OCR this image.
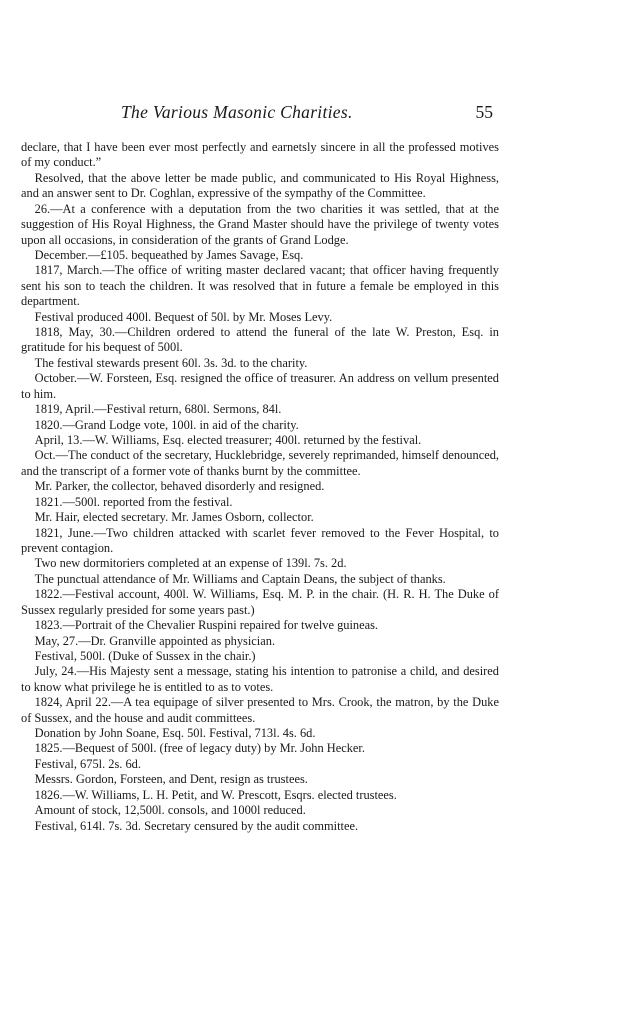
The Various Masonic Charities.	55

declare, that I have been ever most perfectly and earnetsly sincere in all the professed motives of my conduct.”

Resolved, that the above letter be made public, and communicated to His Royal Highness, and an answer sent to Dr. Coghlan, expressive of the sympathy of the Committee.

26.—At a conference with a deputation from the two charities it was settled, that at the suggestion of His Royal Highness, the Grand Master should have the privilege of twenty votes upon all occasions, in consideration of the grants of Grand Lodge.

December.—£105. bequeathed by James Savage, Esq.

1817, March.—The office of writing master declared vacant; that officer having frequently sent his son to teach the children. It was resolved that in future a female be employed in this department.

Festival produced 400l. Bequest of 50l. by Mr. Moses Levy.

1818, May, 30.—Children ordered to attend the funeral of the late W. Preston, Esq. in gratitude for his bequest of 500l.

The festival stewards present 60l. 3s. 3d. to the charity.

October.—W. Forsteen, Esq. resigned the office of treasurer. An address on vellum presented to him.

1819, April.—Festival return, 680l. Sermons, 84l.

1820.—Grand Lodge vote, 100l. in aid of the charity.

April, 13.—W. Williams, Esq. elected treasurer; 400l. returned by the festival.

Oct.—The conduct of the secretary, Hucklebridge, severely reprimanded, himself denounced, and the transcript of a former vote of thanks burnt by the committee.

Mr. Parker, the collector, behaved disorderly and resigned.

1821.—500l. reported from the festival.

Mr. Hair, elected secretary. Mr. James Osborn, collector.

1821, June.—Two children attacked with scarlet fever removed to the Fever Hospital, to prevent contagion.

Two new dormitoriers completed at an expense of 139l. 7s. 2d.

The punctual attendance of Mr. Williams and Captain Deans, the subject of thanks.

1822.—Festival account, 400l. W. Williams, Esq. M. P. in the chair. (H. R. H. The Duke of Sussex regularly presided for some years past.)

1823.—Portrait of the Chevalier Ruspini repaired for twelve guineas.

May, 27.—Dr. Granville appointed as physician.

Festival, 500l. (Duke of Sussex in the chair.)

July, 24.—His Majesty sent a message, stating his intention to patronise a child, and desired to know what privilege he is entitled to as to votes.

1824, April 22.—A tea equipage of silver presented to Mrs. Crook, the matron, by the Duke of Sussex, and the house and audit committees.

Donation by John Soane, Esq. 50l. Festival, 713l. 4s. 6d.

1825.—Bequest of 500l. (free of legacy duty) by Mr. John Hecker.

Festival, 675l. 2s. 6d.

Messrs. Gordon, Forsteen, and Dent, resign as trustees.

1826.—W. Williams, L. H. Petit, and W. Prescott, Esqrs. elected trustees.

Amount of stock, 12,500l. consols, and 1000l reduced.

Festival, 614l. 7s. 3d. Secretary censured by the audit committee.
